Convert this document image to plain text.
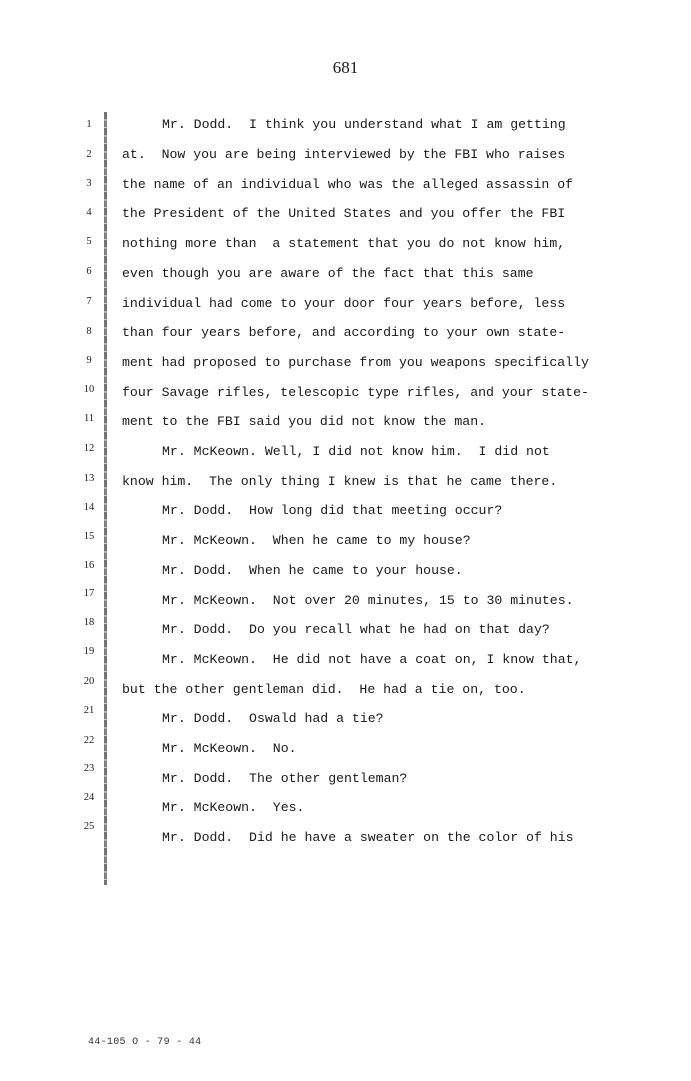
681
1
2
3
4
5
6
7
8
9
10
11
12
13
14
15
16
17
18
19
20
21
22
23
24
25
Mr. Dodd.  I think you understand what I am getting
at.  Now you are being interviewed by the FBI who raises
the name of an individual who was the alleged assassin of
the President of the United States and you offer the FBI
nothing more than  a statement that you do not know him,
even though you are aware of the fact that this same
individual had come to your door four years before, less
than four years before, and according to your own state-
ment had proposed to purchase from you weapons specifically
four Savage rifles, telescopic type rifles, and your state-
ment to the FBI said you did not know the man.
Mr. McKeown. Well, I did not know him.  I did not
know him.  The only thing I knew is that he came there.
Mr. Dodd.  How long did that meeting occur?
Mr. McKeown.  When he came to my house?
Mr. Dodd.  When he came to your house.
Mr. McKeown.  Not over 20 minutes, 15 to 30 minutes.
Mr. Dodd.  Do you recall what he had on that day?
Mr. McKeown.  He did not have a coat on, I know that,
but the other gentleman did.  He had a tie on, too.
Mr. Dodd.  Oswald had a tie?
Mr. McKeown.  No.
Mr. Dodd.  The other gentleman?
Mr. McKeown.  Yes.
Mr. Dodd.  Did he have a sweater on the color of his
44-105 O - 79 - 44
